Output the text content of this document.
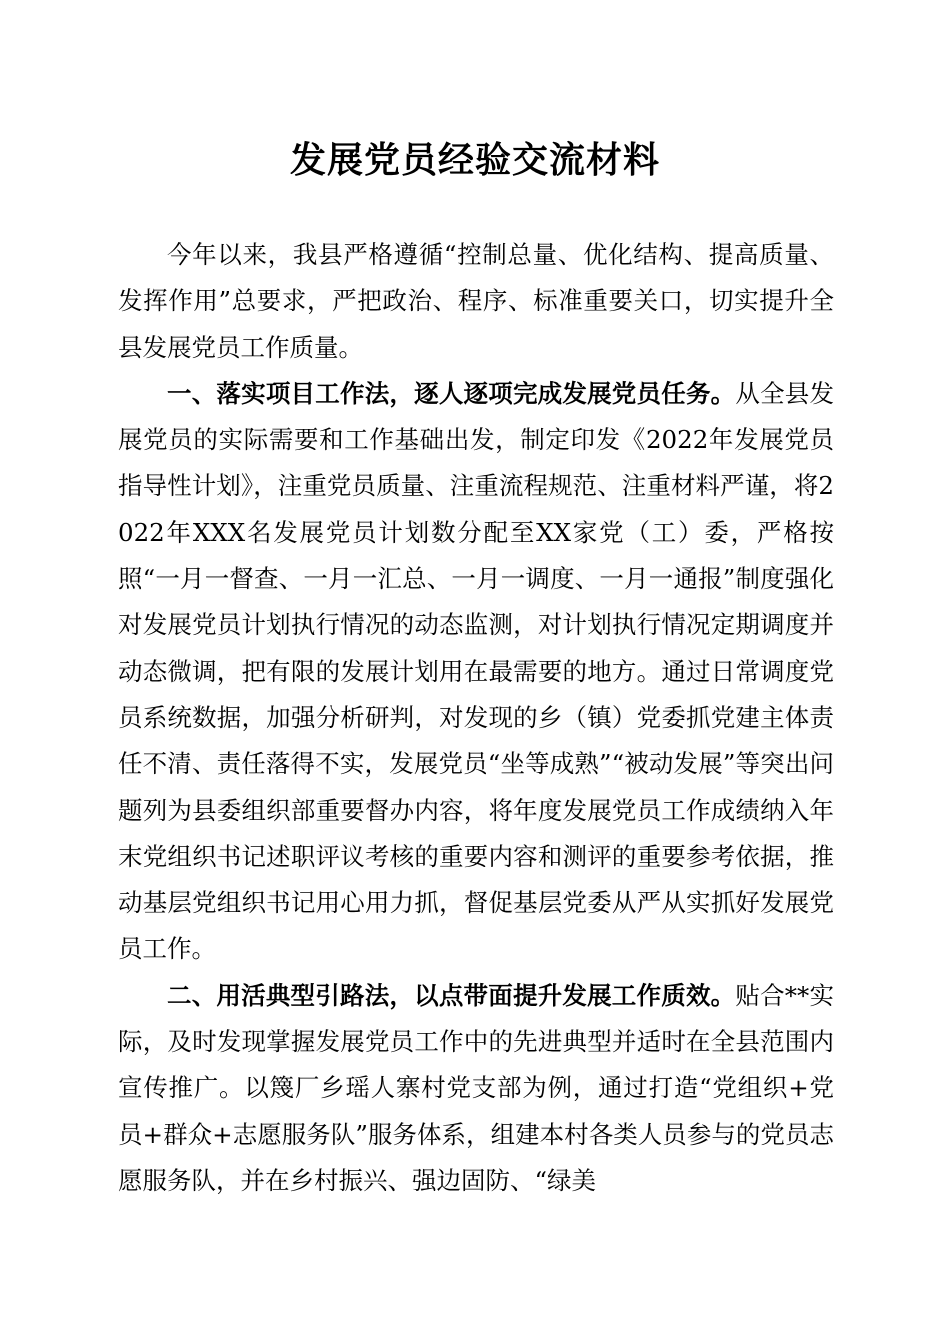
发展党员经验交流材料

今年以来，我县严格遵循“控制总量、优化结构、提高质量、发挥作用”总要求，严把政治、程序、标准重要关口，切实提升全县发展党员工作质量。

一、落实项目工作法，逐人逐项完成发展党员任务。从全县发展党员的实际需要和工作基础出发，制定印发《2022年发展党员指导性计划》，注重党员质量、注重流程规范、注重材料严谨，将2022年XXX名发展党员计划数分配至XX家党（工）委，严格按照“一月一督查、一月一汇总、一月一调度、一月一通报”制度强化对发展党员计划执行情况的动态监测，对计划执行情况定期调度并动态微调，把有限的发展计划用在最需要的地方。通过日常调度党员系统数据，加强分析研判，对发现的乡（镇）党委抓党建主体责任不清、责任落得不实，发展党员“坐等成熟”“被动发展”等突出问题列为县委组织部重要督办内容，将年度发展党员工作成绩纳入年末党组织书记述职评议考核的重要内容和测评的重要参考依据，推动基层党组织书记用心用力抓，督促基层党委从严从实抓好发展党员工作。

二、用活典型引路法，以点带面提升发展工作质效。贴合**实际，及时发现掌握发展党员工作中的先进典型并适时在全县范围内宣传推广。以篾厂乡瑶人寨村党支部为例，通过打造“党组织+党员+群众+志愿服务队”服务体系，组建本村各类人员参与的党员志愿服务队，并在乡村振兴、强边固防、“绿美
